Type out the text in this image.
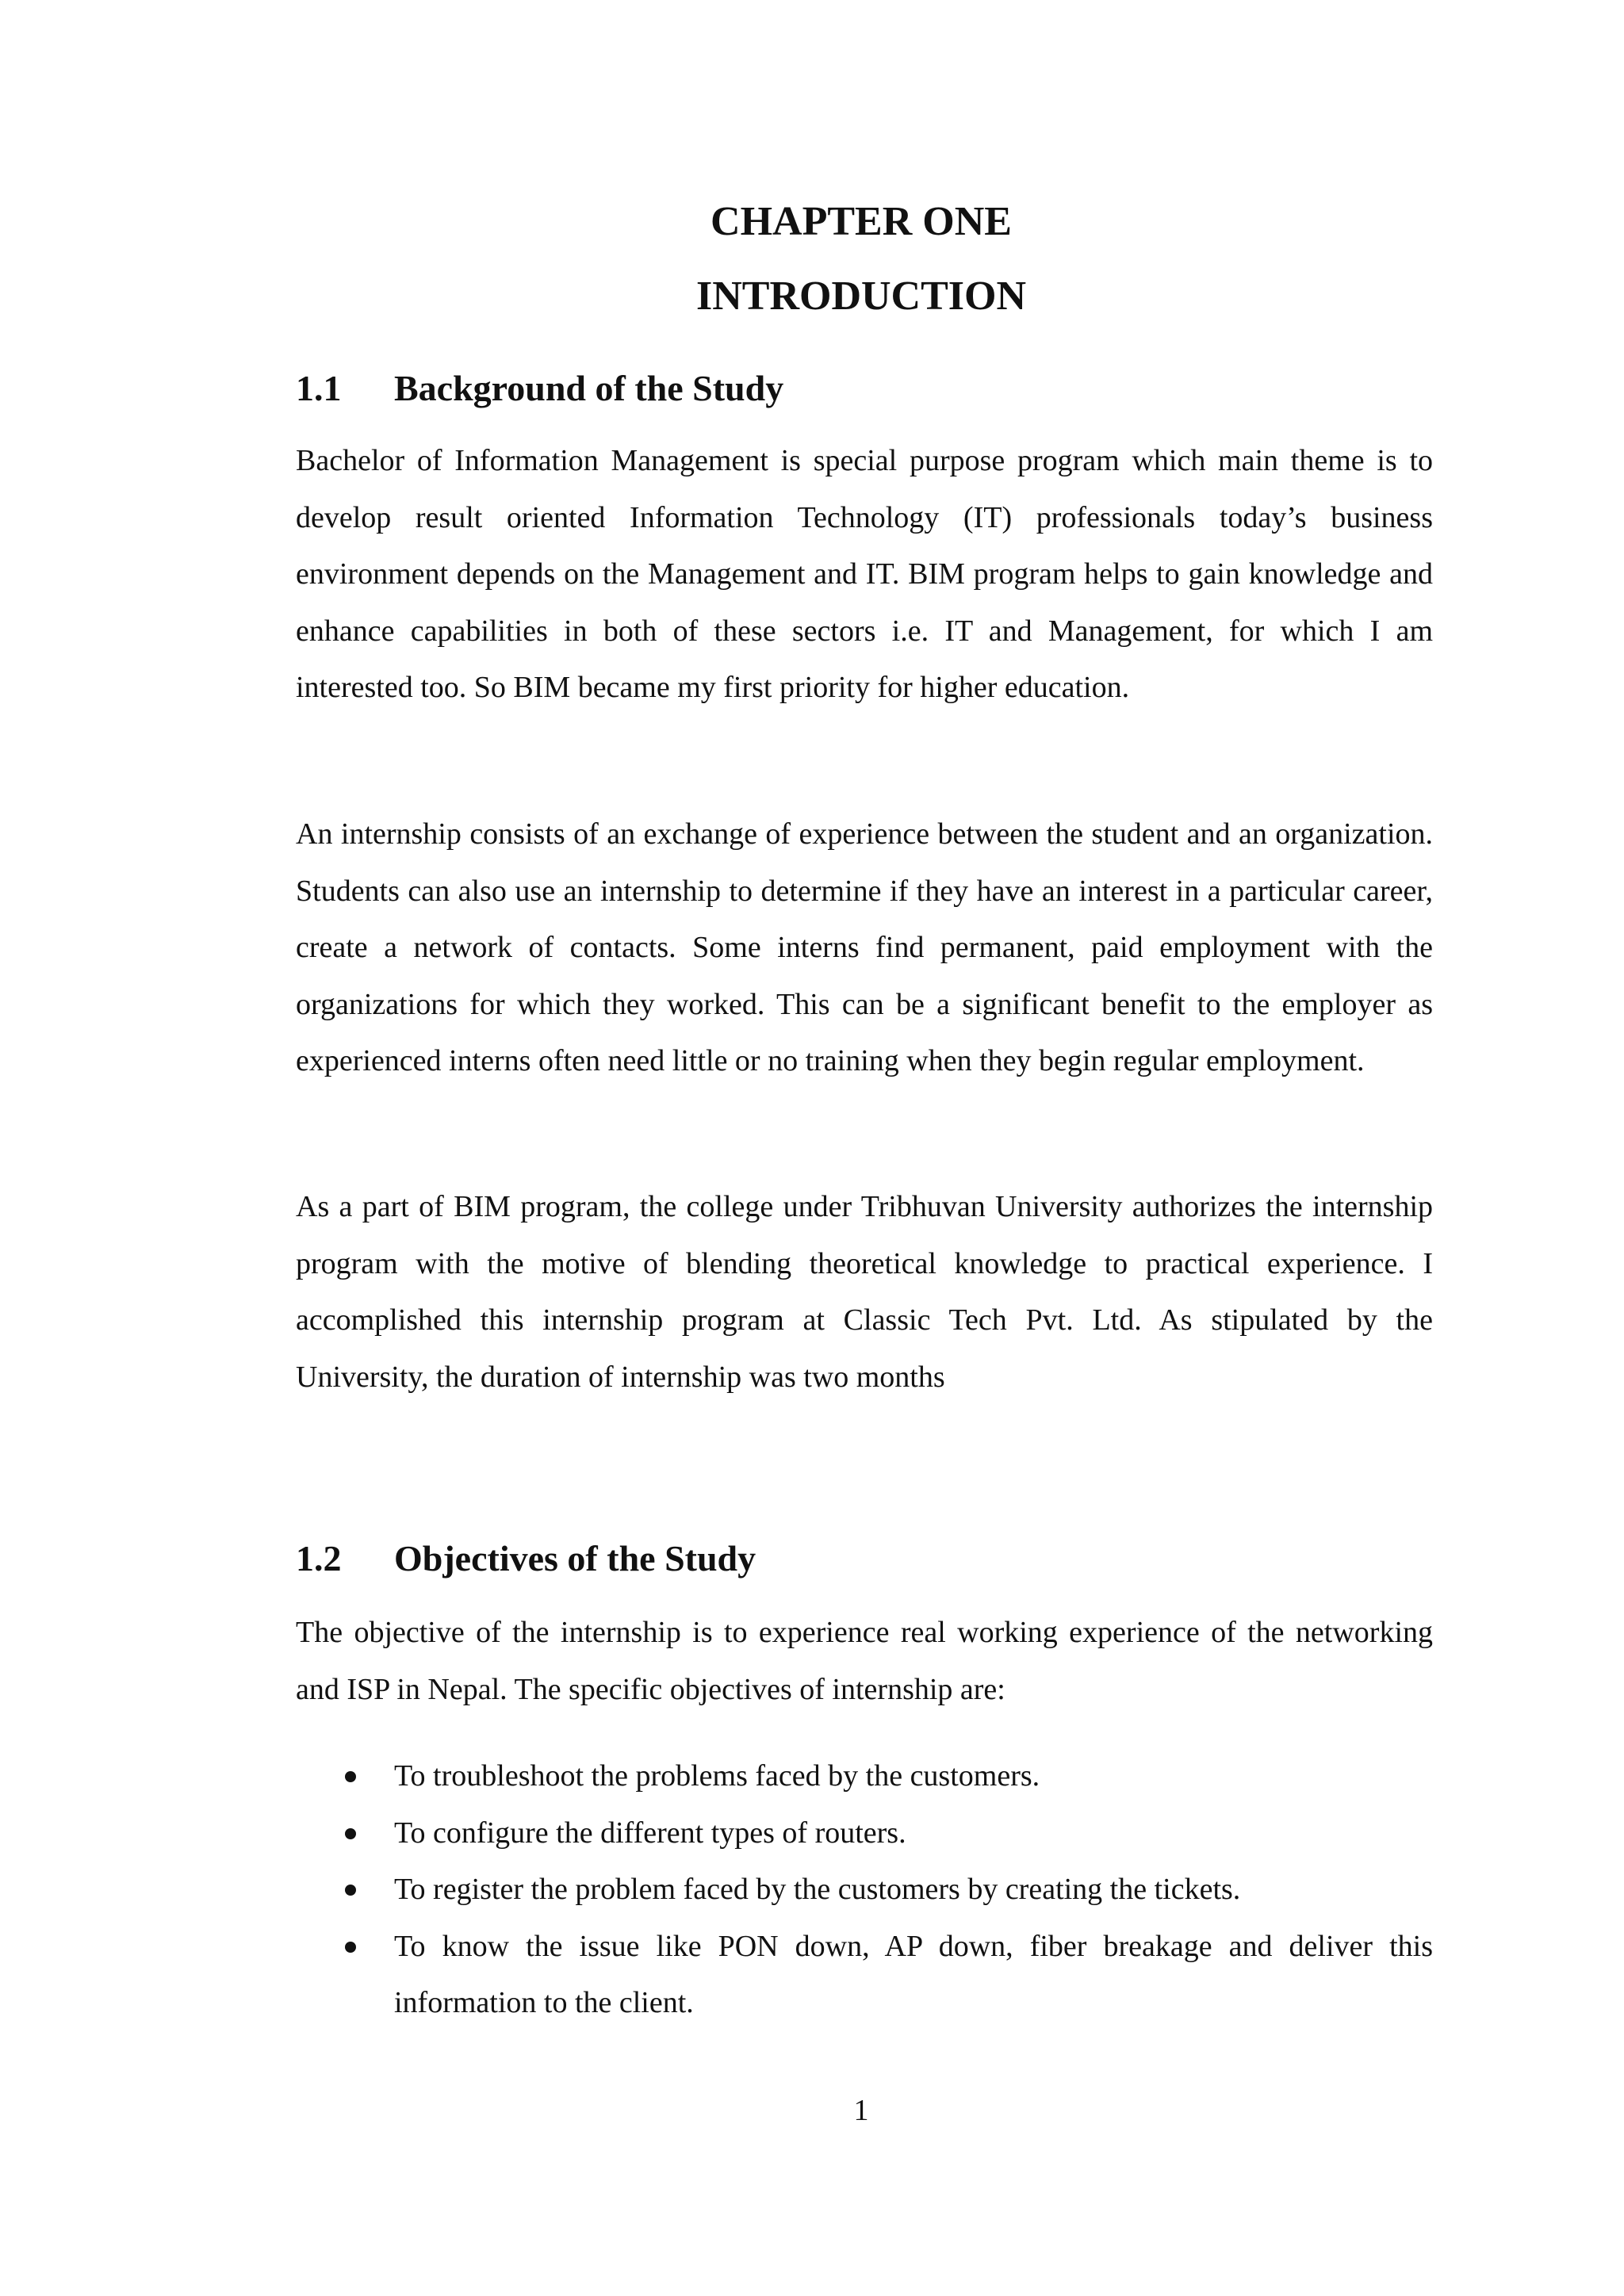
CHAPTER ONE
INTRODUCTION
1.1 Background of the Study

Bachelor of Information Management is special purpose program which main theme is to develop result oriented Information Technology (IT) professionals today’s business environment depends on the Management and IT. BIM program helps to gain knowledge and enhance capabilities in both of these sectors i.e. IT and Management, for which I am interested too. So BIM became my first priority for higher education.

An internship consists of an exchange of experience between the student and an organization. Students can also use an internship to determine if they have an interest in a particular career, create a network of contacts. Some interns find permanent, paid employment with the organizations for which they worked. This can be a significant benefit to the employer as experienced interns often need little or no training when they begin regular employment.

As a part of BIM program, the college under Tribhuvan University authorizes the internship program with the motive of blending theoretical knowledge to practical experience. I accomplished this internship program at Classic Tech Pvt. Ltd. As stipulated by the University, the duration of internship was two months

1.2 Objectives of the Study

The objective of the internship is to experience real working experience of the networking and ISP in Nepal. The specific objectives of internship are:

To troubleshoot the problems faced by the customers.
To configure the different types of routers.
To register the problem faced by the customers by creating the tickets.
To know the issue like PON down, AP down, fiber breakage and deliver this information to the client.
1
